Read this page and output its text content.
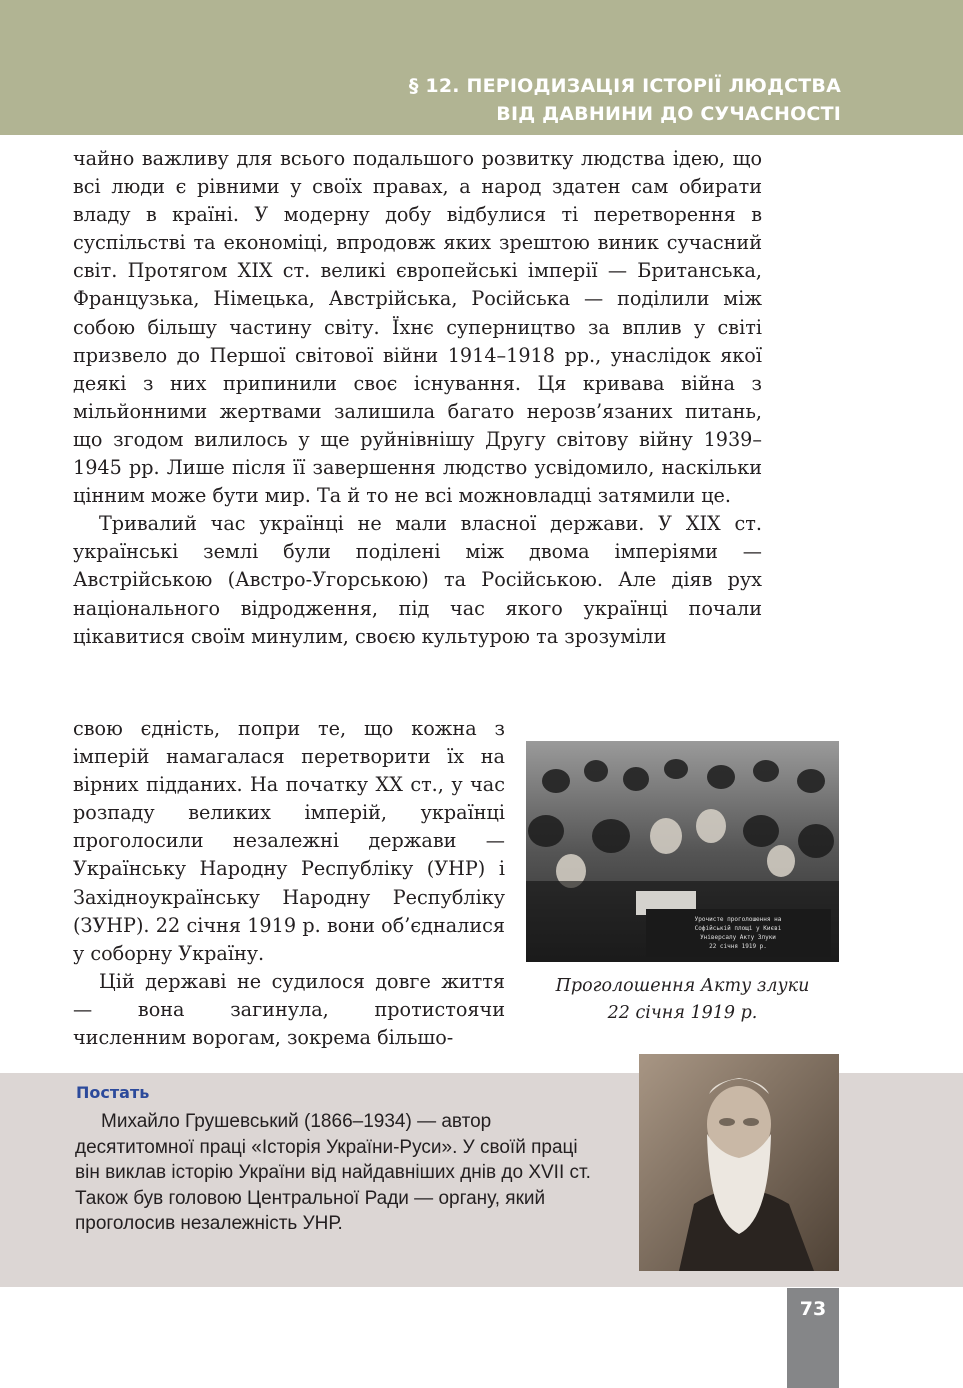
§ 12. ПЕРІОДИЗАЦІЯ ІСТОРІЇ ЛЮДСТВА
ВІД ДАВНИНИ ДО СУЧАСНОСТІ

чайно важливу для всього подальшого розвитку людства ідею, що всі люди є рівними у своїх правах, а народ здатен сам обирати владу в країні. У модерну добу відбулися ті перетворення в суспільстві та економіці, впродовж яких зрештою виник сучасний світ. Протягом XIX ст. великі європейські імперії — Британська, Французька, Німецька, Австрійська, Російська — поділили між собою більшу частину світу. Їхнє суперництво за вплив у світі призвело до Першої світової війни 1914–1918 рр., унаслідок якої деякі з них припинили своє існування. Ця кривава війна з мільйонними жертвами залишила багато нерозв’язаних питань, що згодом вилилось у ще руйнівнішу Другу світову війну 1939–1945 рр. Лише після її завершення людство усвідомило, наскільки цінним може бути мир. Та й то не всі можновладці затямили це.

Тривалий час українці не мали власної держави. У XIX ст. українські землі були поділені між двома імперіями — Австрійською (Австро-Угорською) та Російською. Але діяв рух національного відродження, під час якого українці почали цікавитися своїм минулим, своєю культурою та зрозуміли

свою єдність, попри те, що кожна з імперій намагалася перетворити їх на вірних підданих. На початку XX ст., у час розпаду великих імперій, українці проголосили незалежні держави — Українську Народну Республіку (УНР) і Західноукраїнську Народну Республіку (ЗУНР). 22 січня 1919 р. вони об’єдналися у соборну Україну.

Цій державі не судилося довге життя — вона загинула, протистоячи численним ворогам, зокрема більшо-

Урочисте проголошення на
Софійській площі у Києві
Універсалу Акту Злуки
22 січня 1919 р.
Проголошення Акту злуки
22 січня 1919 р.
Постать

Михайло Грушевський (1866–1934) — автор десятитомної праці «Історія України-Руси». У своїй праці він виклав історію України від найдавніших днів до XVII ст. Також був головою Центральної Ради — органу, який проголосив незалежність УНР.

73
